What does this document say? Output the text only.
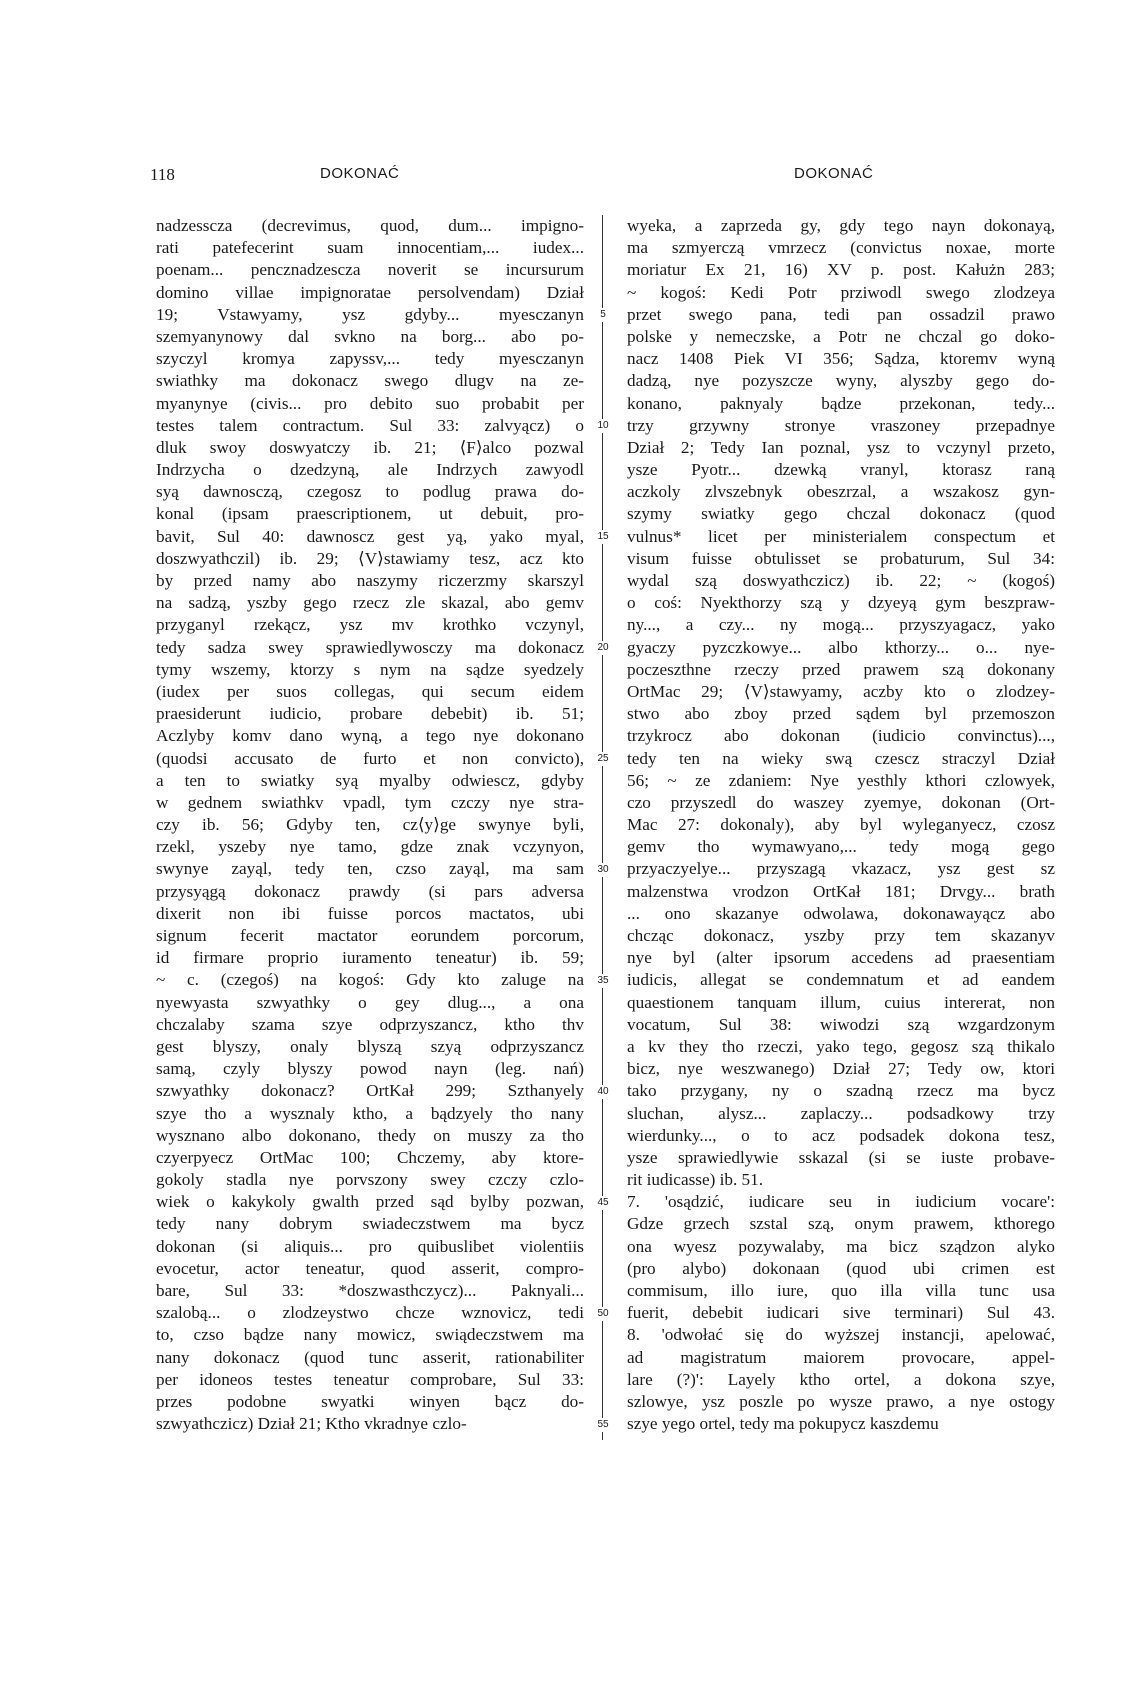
118	DOKONAĆ	DOKONAĆ
nadzesscza (decrevimus, quod, dum... impigno-
rati patefecerint suam innocentiam,... iudex...
poenam... pencznadzescza noverit se incursurum
domino villae impignoratae persolvendam) Dział
19; Vstawyamy, ysz gdyby... myesczanyn
szemyanynowy dal svkno na borg... abo po-
szyczyl kromya zapyssv,... tedy myesczanyn
swiathky ma dokonacz swego dlugv na ze-
myanynye (civis... pro debito suo probabit per
testes talem contractum. Sul 33: zalvyącz) o
dluk swoy doswyatczy ib. 21; ⟨F⟩alco pozwal
Indrzycha o dzedzyną, ale Indrzych zawyodl
syą dawnosczą, czegosz to podlug prawa do-
konal (ipsam praescriptionem, ut debuit, pro-
bavit, Sul 40: dawnoscz gest yą, yako myal,
doszwyathczil) ib. 29; ⟨V⟩stawiamy tesz, acz kto
by przed namy abo naszymy riczerzmy skarszyl
na sadzą, yszby gego rzecz zle skazal, abo gemv
przyganyl rzekącz, ysz mv krothko vczynyl,
tedy sadza swey sprawiedlywosczy ma dokonacz
tymy wszemy, ktorzy s nym na sądze syedzely
(iudex per suos collegas, qui secum eidem
praesiderunt iudicio, probare debebit) ib. 51;
Aczlyby komv dano wyną, a tego nye dokonano
(quodsi accusato de furto et non convicto),
a ten to swiatky syą myalby odwiescz, gdyby
w gednem swiathkv vpadl, tym czczy nye stra-
czy ib. 56; Gdyby ten, cz⟨y⟩ge swynye byli,
rzekl, yszeby nye tamo, gdze znak vczynyon,
swynye zayąl, tedy ten, czso zayąl, ma sam
przysyągą dokonacz prawdy (si pars adversa
dixerit non ibi fuisse porcos mactatos, ubi
signum fecerit mactator eorundem porcorum,
id firmare proprio iuramento teneatur) ib. 59;
~ c. (czegoś) na kogoś: Gdy kto zaluge na
nyewyasta szwyathky o gey dlug..., a ona
chczalaby szama szye odprzyszancz, ktho thv
gest blyszy, onaly blyszą szyą odprzyszancz
samą, czyly blyszy powod nayn (leg. nań)
szwyathky dokonacz? OrtKał 299; Szthanyely
szye tho a wysznaly ktho, a bądzyely tho nany
wysznano albo dokonano, thedy on muszy za tho
czyerpyecz OrtMac 100; Chczemy, aby ktore-
gokoly stadla nye porvszony swey czczy czlo-
wiek o kakykoly gwalth przed sąd bylby pozwan,
tedy nany dobrym swiadeczstwem ma bycz
dokonan (si aliquis... pro quibuslibet violentiis
evocetur, actor teneatur, quod asserit, compro-
bare, Sul 33: *doszwasthczycz)... Paknyali...
szalobą... o zlodzeystwo chcze wznovicz, tedi
to, czso bądze nany mowicz, swiądeczstwem ma
nany dokonacz (quod tunc asserit, rationabiliter
per idoneos testes teneatur comprobare, Sul 33:
przes podobne swyatki winyen bącz do-
szwyathczicz) Dział 21; Ktho vkradnye czlo-
5
10
15
20
25
30
35
40
45
50
55
wyeka, a zaprzeda gy, gdy tego nayn dokonayą,
ma szmyerczą vmrzecz (convictus noxae, morte
moriatur Ex 21, 16) XV p. post. Kałużn 283;
~ kogoś: Kedi Potr prziwodl swego zlodzeya
przet swego pana, tedi pan ossadzil prawo
polske y nemeczske, a Potr ne chczal go doko-
nacz 1408 Piek VI 356; Sądza, ktoremv wyną
dadzą, nye pozyszcze wyny, alyszby gego do-
konano, paknyaly bądze przekonan, tedy...
trzy grzywny stronye vraszoney przepadnye
Dział 2; Tedy Ian poznal, ysz to vczynyl przeto,
ysze Pyotr... dzewką vranyl, ktorasz raną
aczkoly zlvszebnyk obeszrzal, a wszakosz gyn-
szymy swiatky gego chczal dokonacz (quod
vulnus* licet per ministerialem conspectum et
visum fuisse obtulisset se probaturum, Sul 34:
wydal szą doswyathczicz) ib. 22; ~ (kogoś)
o coś: Nyekthorzy szą y dzyeyą gym beszpraw-
ny..., a czy... ny mogą... przyszyagacz, yako
gyaczy pyzczkowye... albo kthorzy... o... nye-
poczeszthne rzeczy przed prawem szą dokonany
OrtMac 29; ⟨V⟩stawyamy, aczby kto o zlodzey-
stwo abo zboy przed sądem byl przemoszon
trzykrocz abo dokonan (iudicio convinctus)...,
tedy ten na wieky swą czescz straczyl Dział
56; ~ ze zdaniem: Nye yesthly kthori czlowyek,
czo przyszedl do waszey zyemye, dokonan (Ort-
Mac 27: dokonaly), aby byl wyleganyecz, czosz
gemv tho wymawyano,... tedy mogą gego
przyaczyelye... przyszagą vkazacz, ysz gest sz
malzenstwa vrodzon OrtKał 181; Drvgy... brath
... ono skazanye odwolawa, dokonawayącz abo
chcząc dokonacz, yszby przy tem skazanyv
nye byl (alter ipsorum accedens ad praesentiam
iudicis, allegat se condemnatum et ad eandem
quaestionem tanquam illum, cuius intererat, non
vocatum, Sul 38: wiwodzi szą wzgardzonym
a kv they tho rzeczi, yako tego, gegosz szą thikalo
bicz, nye weszwanego) Dział 27; Tedy ow, ktori
tako przygany, ny o szadną rzecz ma bycz
sluchan, alysz... zaplaczy... podsadkowy trzy
wierdunky..., o to acz podsadek dokona tesz,
ysze sprawiedlywie sskazal (si se iuste probave-
rit iudicasse) ib. 51.
7. 'osądzić, iudicare seu in iudicium vocare':
Gdze grzech szstal szą, onym prawem, kthorego
ona wyesz pozywalaby, ma bicz sządzon alyko
(pro alybo) dokonaan (quod ubi crimen est
commisum, illo iure, quo illa villa tunc usa
fuerit, debebit iudicari sive terminari) Sul 43.
8. 'odwołać się do wyższej instancji, apelować,
ad magistratum maiorem provocare, appel-
lare (?)': Layely ktho ortel, a dokona szye,
szlowye, ysz poszle po wysze prawo, a nye ostogy
szye yego ortel, tedy ma pokupycz kaszdemu
